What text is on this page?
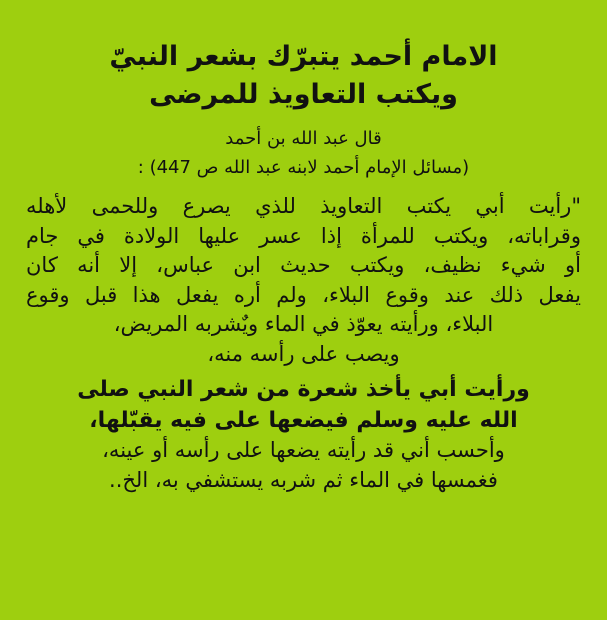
الامام أحمد يتبرّك بشعر النبيّ
ويكتب التعاويذ للمرضى

قال عبد الله بن أحمد

(مسائل الإمام أحمد لابنه عبد الله ص 447) :

"رأيت أبي يكتب التعاويذ للذي يصرع وللحمى لأهله

وقراباته، ويكتب للمرأة إذا عسر عليها الولادة في جام

أو شيء نظيف، ويكتب حديث ابن عباس، إلا أنه كان

يفعل ذلك عند وقوع البلاء، ولم أره يفعل هذا قبل وقوع

البلاء، ورأيته يعوّذ في الماء ويٌشربه المريض،

ويصب على رأسه منه،

ورأيت أبي يأخذ شعرة من شعر النبي صلى

الله عليه وسلم فيضعها على فيه يقبّلها،

وأحسب أني قد رأيته يضعها على رأسه أو عينه،

فغمسها في الماء ثم شربه يستشفي به، الخ..
